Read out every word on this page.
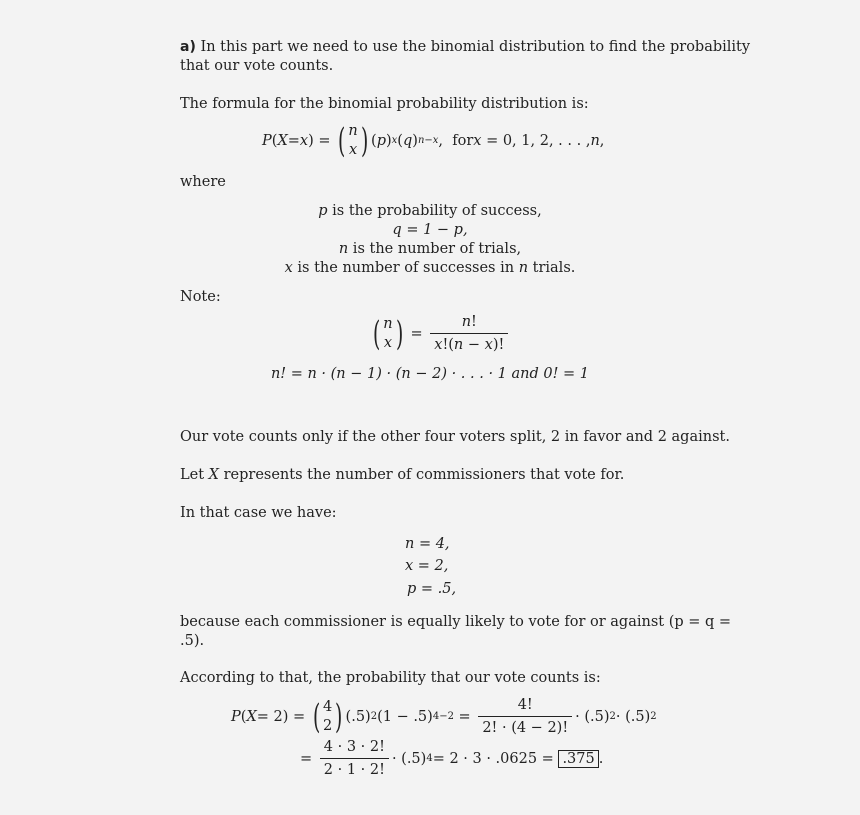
a) In this part we need to use the binomial distribution to find the probability
that our vote counts.
The formula for the binomial probability distribution is:
P ( X = x ) = ( n
x ) ( p ) x ( q ) n−x ,  for x = 0, 1, 2, . . . , n ,
where
p is the probability of success,
q = 1 − p,
n is the number of trials,
x is the number of successes in n trials.
Note:
( n
x ) = $\frac{n!}{x!(n - x)!}$
n! = n · (n − 1) · (n − 2) · . . . · 1 and 0! = 1
Our vote counts only if the other four voters split, 2 in favor and 2 against.
Let X represents the number of commissioners that vote for.
In that case we have:
n = 4,
x = 2,
p = .5,
because each commissioner is equally likely to vote for or against (p = q =
.5).
According to that, the probability that our vote counts is:
P ( X = 2) = ( 4
2 ) (.5) 2 (1 − .5) $4-2 = \frac{4!}{2! \cdot (4 - 2)!} \cdot (.5) 2 \cdot (.5)$ 2
= $\frac{4 \cdot 3 \cdot 2!}{2 \cdot 1 \cdot 2!} \cdot (.5) 4 = 2 \cdot 3 \cdot .0625 = .375$ .
